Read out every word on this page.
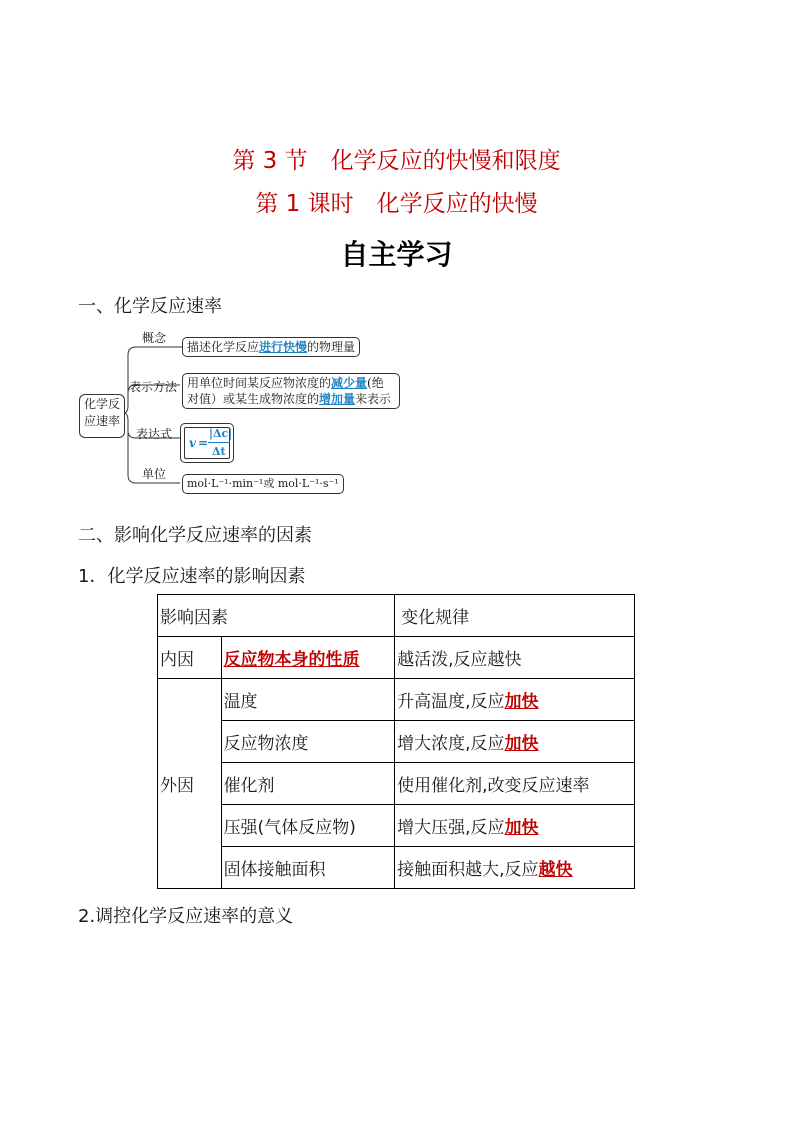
第 3 节　化学反应的快慢和限度
第 1 课时　化学反应的快慢
自主学习
一、化学反应速率
化学反应速率
概念
描述化学反应进行快慢的物理量
表示方法 用单位时间某反应物浓度的减少量(绝
对值）或某生成物浓度的增加量来表示
表达式
v =
|Δc|
Δt
单位
mol·L⁻¹·min⁻¹或 mol·L⁻¹·s⁻¹
二、影响化学反应速率的因素
1．化学反应速率的影响因素
影响因素		变化规律
内因	反应物本身的性质	越活泼,反应越快
外因	温度	升高温度,反应加快
	反应物浓度	增大浓度,反应加快
	催化剂	使用催化剂,改变反应速率
	压强(气体反应物)	增大压强,反应加快
	固体接触面积	接触面积越大,反应越快
2.调控化学反应速率的意义
